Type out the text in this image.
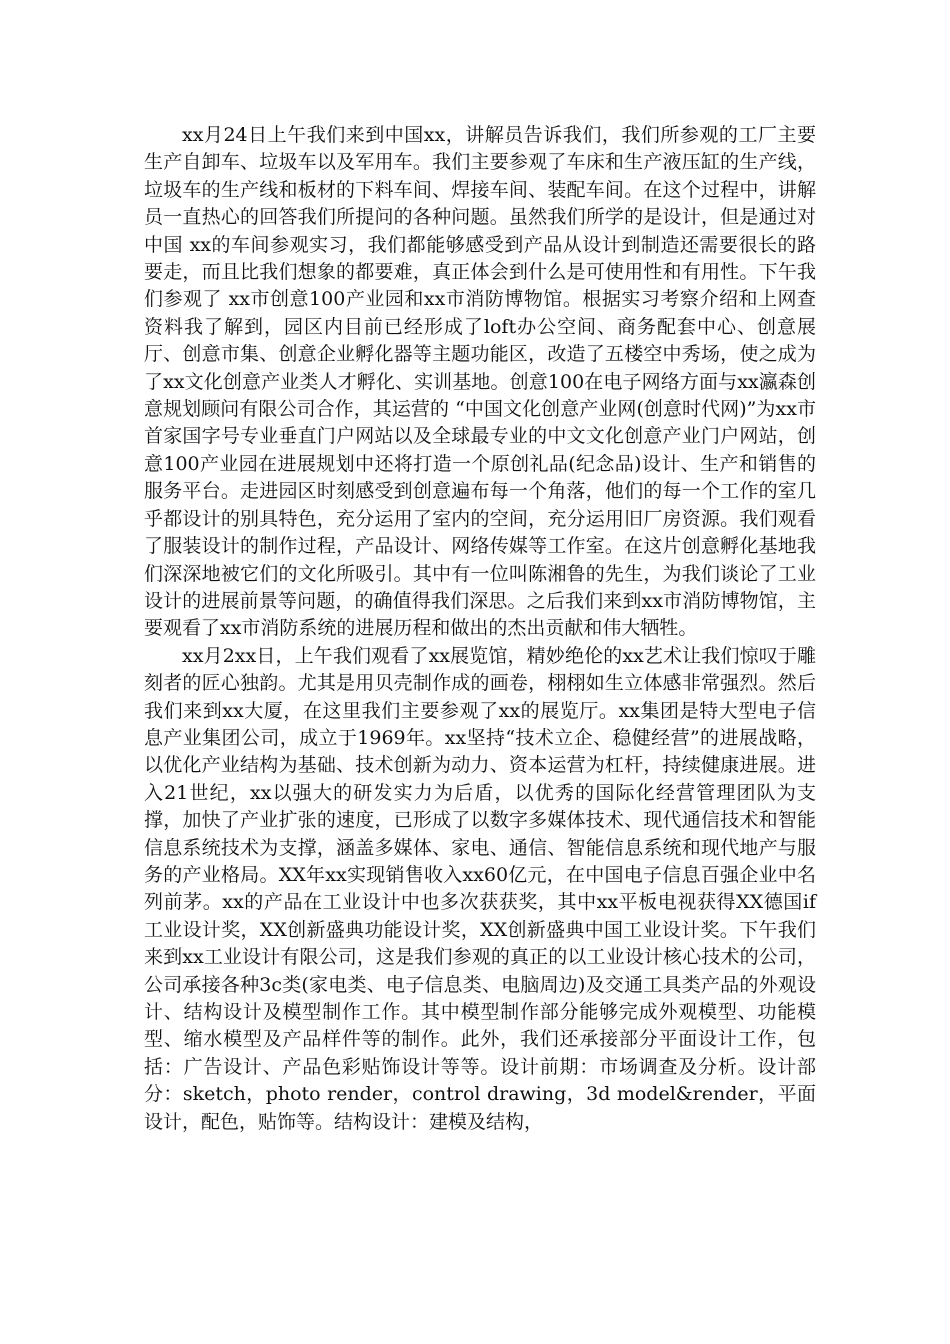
xx月24日上午我们来到中国xx，讲解员告诉我们，我们所参观的工厂主要生产自卸车、垃圾车以及军用车。我们主要参观了车床和生产液压缸的生产线，垃圾车的生产线和板材的下料车间、焊接车间、装配车间。在这个过程中，讲解员一直热心的回答我们所提问的各种问题。虽然我们所学的是设计，但是通过对中国 xx的车间参观实习，我们都能够感受到产品从设计到制造还需要很长的路要走，而且比我们想象的都要难，真正体会到什么是可使用性和有用性。下午我们参观了 xx市创意100产业园和xx市消防博物馆。根据实习考察介绍和上网查资料我了解到，园区内目前已经形成了loft办公空间、商务配套中心、创意展厅、创意市集、创意企业孵化器等主题功能区，改造了五楼空中秀场，使之成为了xx文化创意产业类人才孵化、实训基地。创意100在电子网络方面与xx瀛森创意规划顾问有限公司合作，其运营的 “中国文化创意产业网(创意时代网)”为xx市首家国字号专业垂直门户网站以及全球最专业的中文文化创意产业门户网站，创意100产业园在进展规划中还将打造一个原创礼品(纪念品)设计、生产和销售的服务平台。走进园区时刻感受到创意遍布每一个角落，他们的每一个工作的室几乎都设计的别具特色，充分运用了室内的空间，充分运用旧厂房资源。我们观看了服装设计的制作过程，产品设计、网络传媒等工作室。在这片创意孵化基地我们深深地被它们的文化所吸引。其中有一位叫陈湘鲁的先生，为我们谈论了工业设计的进展前景等问题，的确值得我们深思。之后我们来到xx市消防博物馆，主要观看了xx市消防系统的进展历程和做出的杰出贡献和伟大牺牲。

xx月2xx日，上午我们观看了xx展览馆，精妙绝伦的xx艺术让我们惊叹于雕刻者的匠心独韵。尤其是用贝壳制作成的画卷，栩栩如生立体感非常强烈。然后我们来到xx大厦，在这里我们主要参观了xx的展览厅。xx集团是特大型电子信息产业集团公司，成立于1969年。xx坚持“技术立企、稳健经营”的进展战略，以优化产业结构为基础、技术创新为动力、资本运营为杠杆，持续健康进展。进入21世纪，xx以强大的研发实力为后盾，以优秀的国际化经营管理团队为支撑，加快了产业扩张的速度，已形成了以数字多媒体技术、现代通信技术和智能信息系统技术为支撑，涵盖多媒体、家电、通信、智能信息系统和现代地产与服务的产业格局。XX年xx实现销售收入xx60亿元，在中国电子信息百强企业中名列前茅。xx的产品在工业设计中也多次获获奖，其中xx平板电视获得XX德国if工业设计奖，XX创新盛典功能设计奖，XX创新盛典中国工业设计奖。下午我们来到xx工业设计有限公司，这是我们参观的真正的以工业设计核心技术的公司，公司承接各种3c类(家电类、电子信息类、电脑周边)及交通工具类产品的外观设计、结构设计及模型制作工作。其中模型制作部分能够完成外观模型、功能模型、缩水模型及产品样件等的制作。此外，我们还承接部分平面设计工作，包括：广告设计、产品色彩贴饰设计等等。设计前期：市场调查及分析。设计部分：sketch，photo render，control drawing，3d model&render，平面设计，配色，贴饰等。结构设计：建模及结构，
